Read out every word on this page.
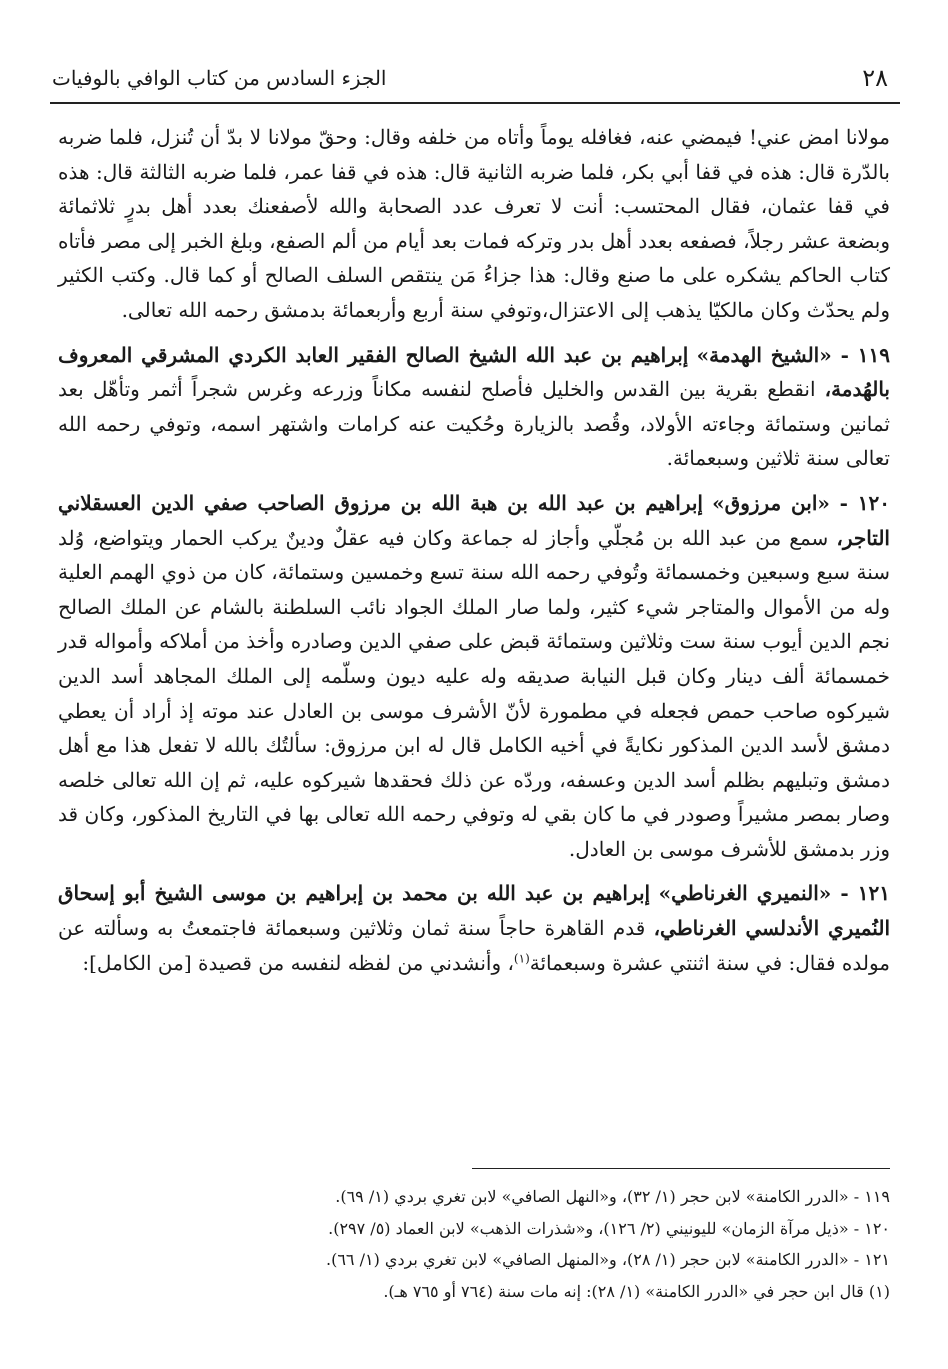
٢٨
الجزء السادس من كتاب الوافي بالوفيات

مولانا امض عني! فيمضي عنه، فغافله يوماً وأتاه من خلفه وقال: وحقّ مولانا لا بدّ أن تُنزل، فلما ضربه بالدّرة قال: هذه في قفا أبي بكر، فلما ضربه الثانية قال: هذه في قفا عمر، فلما ضربه الثالثة قال: هذه في قفا عثمان، فقال المحتسب: أنت لا تعرف عدد الصحابة والله لأصفعنك بعدد أهل بدرٍ ثلاثمائة وبضعة عشر رجلاً، فصفعه بعدد أهل بدر وتركه فمات بعد أيام من ألم الصفع، وبلغ الخبر إلى مصر فأتاه كتاب الحاكم يشكره على ما صنع وقال: هذا جزاءُ مَن ينتقص السلف الصالح أو كما قال. وكتب الكثير ولم يحدّث وكان مالكيّا يذهب إلى الاعتزال،وتوفي سنة أربع وأربعمائة بدمشق رحمه الله تعالى.

١١٩ - «الشيخ الهدمة» إبراهيم بن عبد الله الشيخ الصالح الفقير العابد الكردي المشرقي المعروف بالهُدمة، انقطع بقرية بين القدس والخليل فأصلح لنفسه مكاناً وزرعه وغرس شجراً أثمر وتأهّل بعد ثمانين وستمائة وجاءته الأولاد، وقُصد بالزيارة وحُكيت عنه كرامات واشتهر اسمه، وتوفي رحمه الله تعالى سنة ثلاثين وسبعمائة.

١٢٠ - «ابن مرزوق» إبراهيم بن عبد الله بن هبة الله بن مرزوق الصاحب صفي الدين العسقلاني التاجر، سمع من عبد الله بن مُجلّي وأجاز له جماعة وكان فيه عقلٌ ودينٌ يركب الحمار ويتواضع، وُلد سنة سبع وسبعين وخمسمائة وتُوفي رحمه الله سنة تسع وخمسين وستمائة، كان من ذوي الهمم العلية وله من الأموال والمتاجر شيء كثير، ولما صار الملك الجواد نائب السلطنة بالشام عن الملك الصالح نجم الدين أيوب سنة ست وثلاثين وستمائة قبض على صفي الدين وصادره وأخذ من أملاكه وأمواله قدر خمسمائة ألف دينار وكان قبل النيابة صديقه وله عليه ديون وسلّمه إلى الملك المجاهد أسد الدين شيركوه صاحب حمص فجعله في مطمورة لأنّ الأشرف موسى بن العادل عند موته إذ أراد أن يعطي دمشق لأسد الدين المذكور نكايةً في أخيه الكامل قال له ابن مرزوق: سألتُك بالله لا تفعل هذا مع أهل دمشق وتبليهم بظلم أسد الدين وعسفه، وردّه عن ذلك فحقدها شيركوه عليه، ثم إن الله تعالى خلصه وصار بمصر مشيراً وصودر في ما كان بقي له وتوفي رحمه الله تعالى بها في التاريخ المذكور، وكان قد وزر بدمشق للأشرف موسى بن العادل.

١٢١ - «النميري الغرناطي» إبراهيم بن عبد الله بن محمد بن إبراهيم بن موسى الشيخ أبو إسحاق النُميري الأندلسي الغرناطي، قدم القاهرة حاجاً سنة ثمان وثلاثين وسبعمائة فاجتمعتُ به وسألته عن مولده فقال: في سنة اثنتي عشرة وسبعمائة$^{(١)}$، وأنشدني من لفظه لنفسه من قصيدة [من الكامل]:

١١٩ - «الدرر الكامنة» لابن حجر (١/ ٣٢)، و«النهل الصافي» لابن تغري بردي (١/ ٦٩).

١٢٠ - «ذيل مرآة الزمان» لليونيني (٢/ ١٢٦)، و«شذرات الذهب» لابن العماد (٥/ ٢٩٧).

١٢١ - «الدرر الكامنة» لابن حجر (١/ ٢٨)، و«المنهل الصافي» لابن تغري بردي (١/ ٦٦).

(١) قال ابن حجر في «الدرر الكامنة» (١/ ٢٨): إنه مات سنة (٧٦٤ أو ٧٦٥ هـ).
